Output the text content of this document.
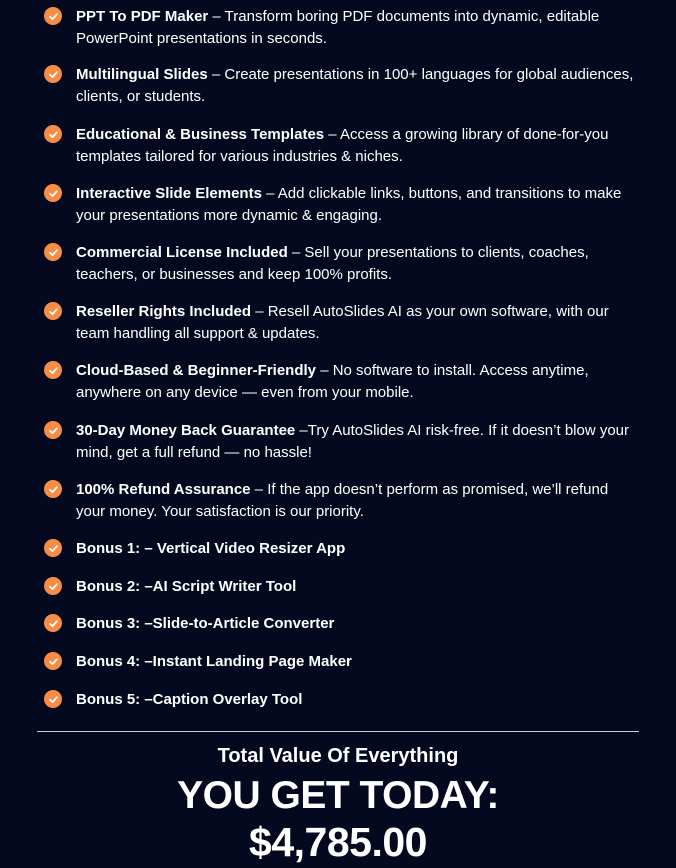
PPT To PDF Maker – Transform boring PDF documents into dynamic, editable PowerPoint presentations in seconds.
Multilingual Slides – Create presentations in 100+ languages for global audiences, clients, or students.
Educational & Business Templates – Access a growing library of done-for-you templates tailored for various industries & niches.
Interactive Slide Elements – Add clickable links, buttons, and transitions to make your presentations more dynamic & engaging.
Commercial License Included – Sell your presentations to clients, coaches, teachers, or businesses and keep 100% profits.
Reseller Rights Included – Resell AutoSlides AI as your own software, with our team handling all support & updates.
Cloud-Based & Beginner-Friendly – No software to install. Access anytime, anywhere on any device — even from your mobile.
30-Day Money Back Guarantee –Try AutoSlides AI risk-free. If it doesn’t blow your mind, get a full refund — no hassle!
100% Refund Assurance – If the app doesn’t perform as promised, we’ll refund your money. Your satisfaction is our priority.
Bonus 1: – Vertical Video Resizer App
Bonus 2: –AI Script Writer Tool
Bonus 3: –Slide-to-Article Converter
Bonus 4: –Instant Landing Page Maker
Bonus 5: –Caption Overlay Tool
Total Value Of Everything
YOU GET TODAY:
$4,785.00
